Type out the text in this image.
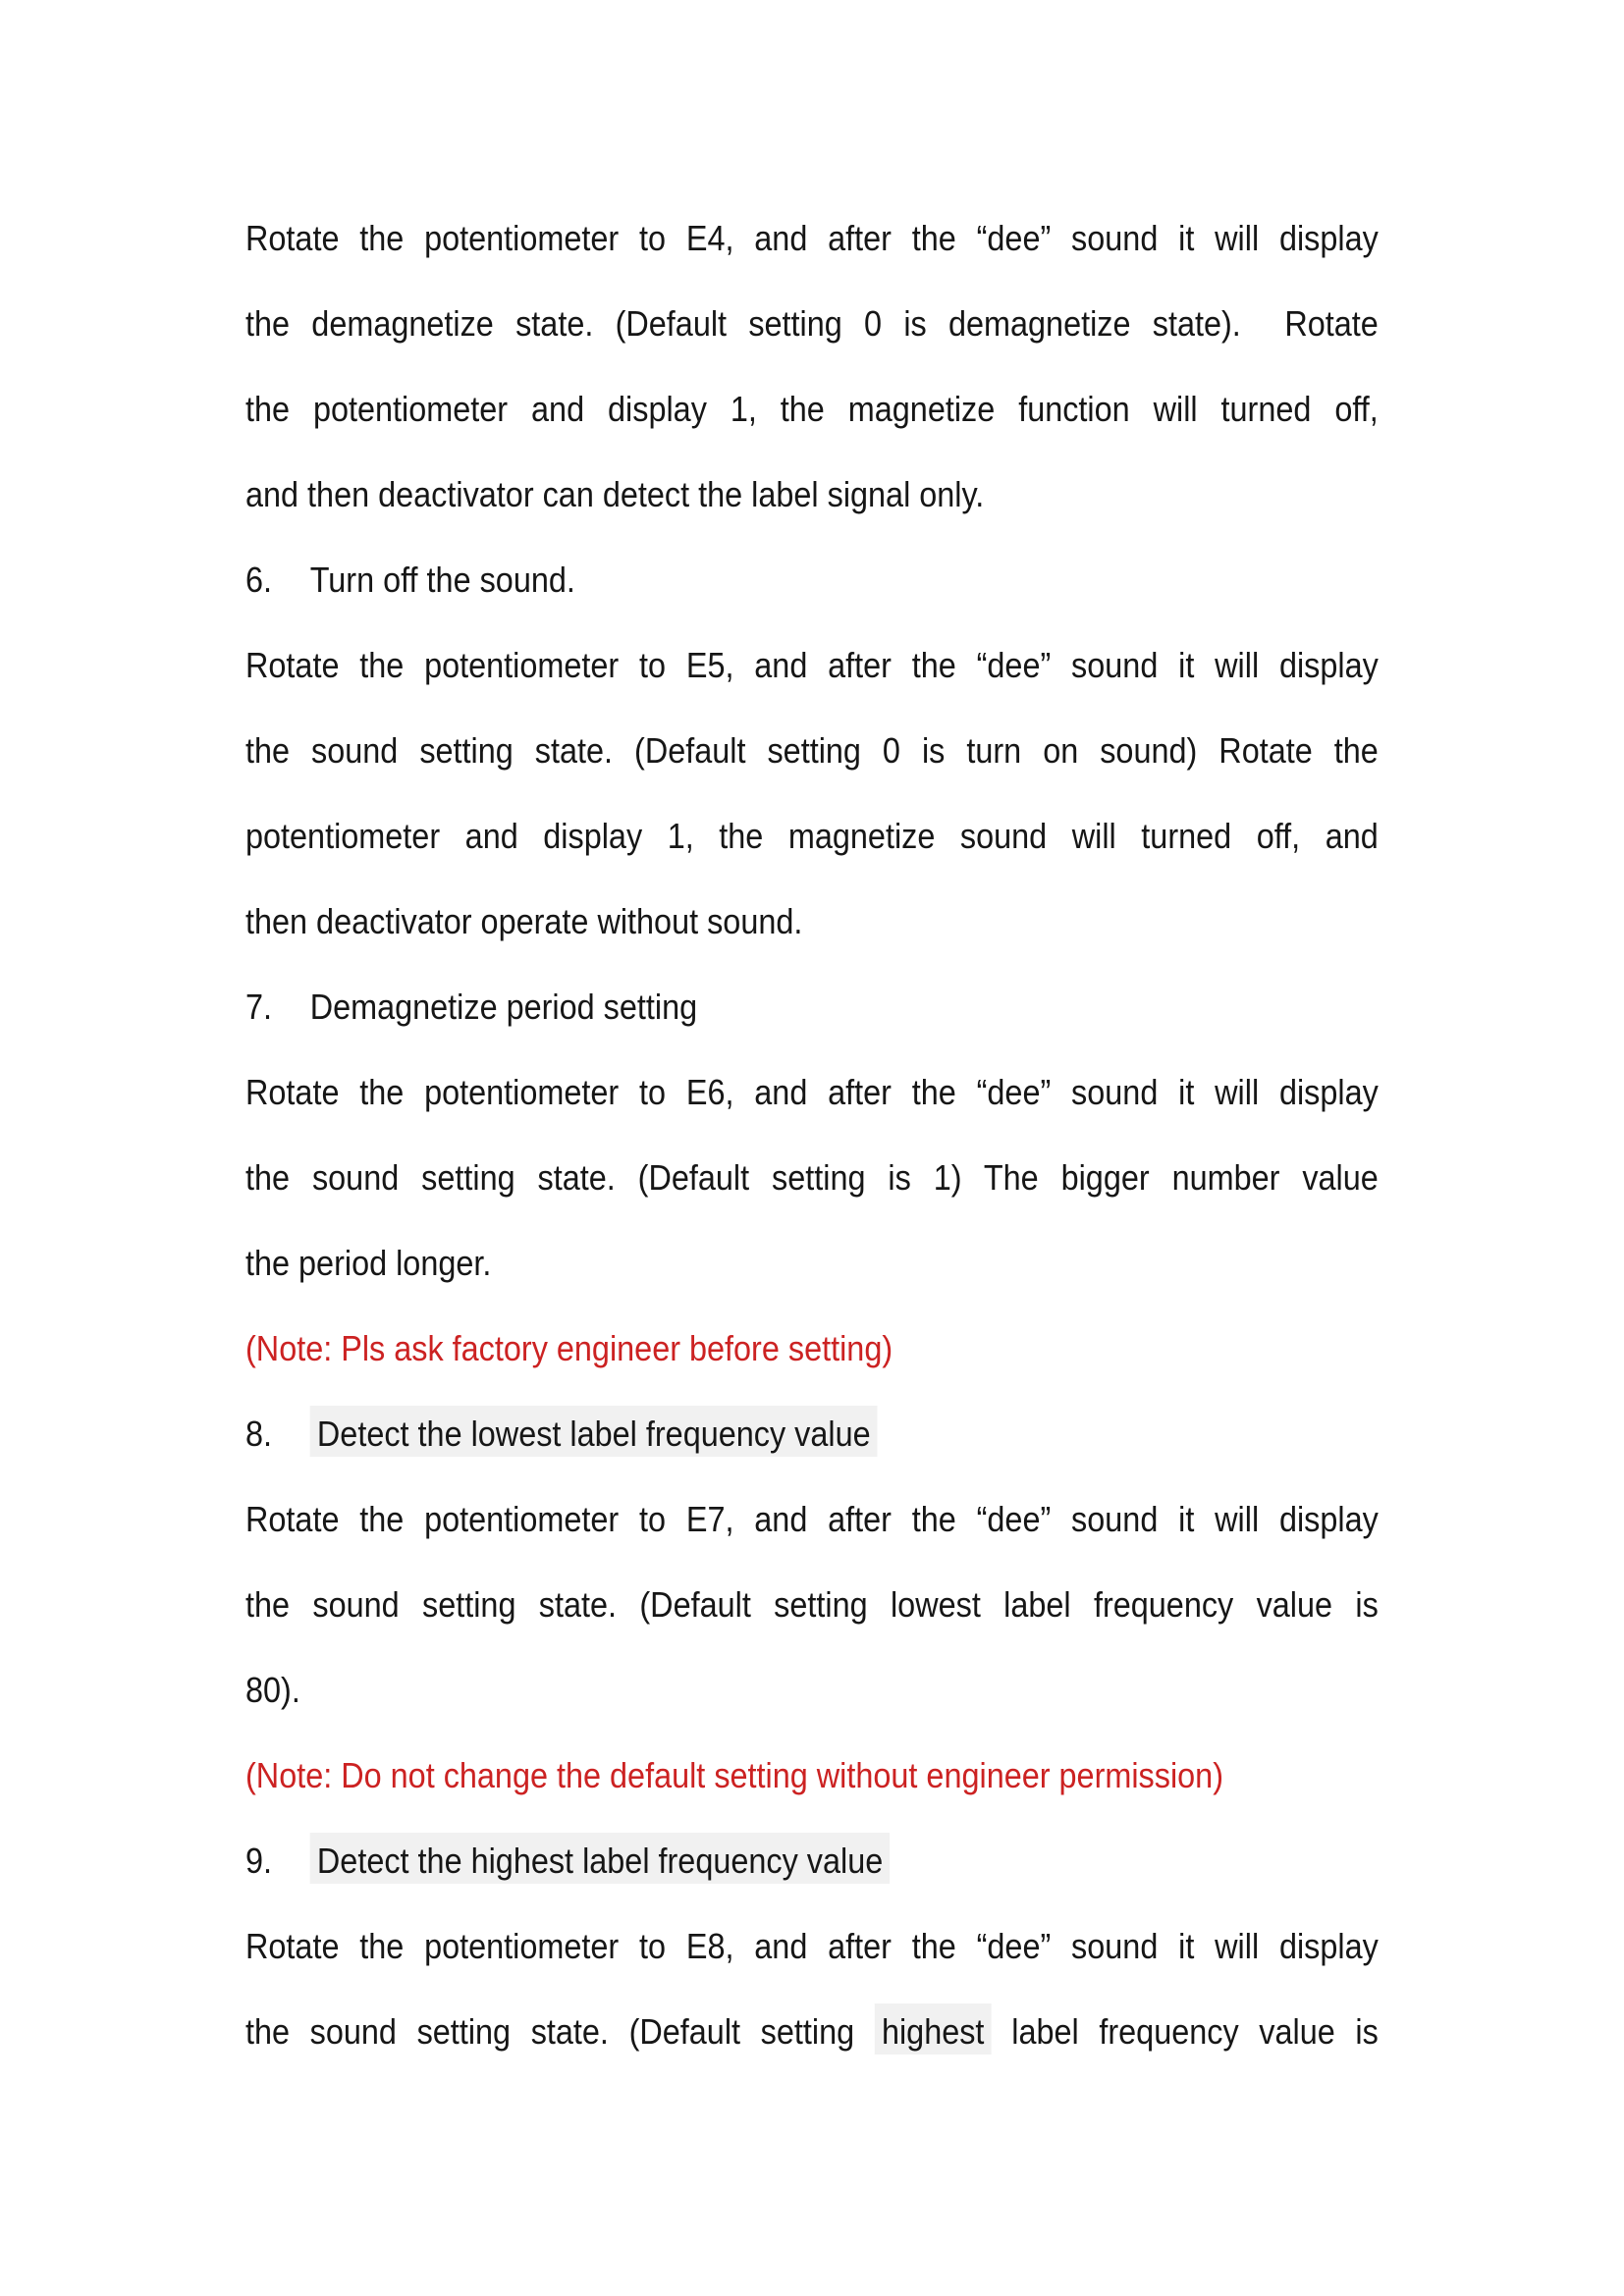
Rotate the potentiometer to E4, and after the “dee” sound it will display
the demagnetize state. (Default setting 0 is demagnetize state).  Rotate
the potentiometer and display 1, the magnetize function will turned off,
and then deactivator can detect the label signal only.
6. Turn off the sound.
Rotate the potentiometer to E5, and after the “dee” sound it will display
the sound setting state. (Default setting 0 is turn on sound) Rotate the
potentiometer and display 1, the magnetize sound will turned off, and
then deactivator operate without sound.
7. Demagnetize period setting
Rotate the potentiometer to E6, and after the “dee” sound it will display
the sound setting state. (Default setting is 1) The bigger number value
the period longer.
(Note: Pls ask factory engineer before setting)
8. Detect the lowest label frequency value
Rotate the potentiometer to E7, and after the “dee” sound it will display
the sound setting state. (Default setting lowest label frequency value is
80).
(Note: Do not change the default setting without engineer permission)
9. Detect the highest label frequency value
Rotate the potentiometer to E8, and after the “dee” sound it will display
the sound setting state. (Default setting highest label frequency value is
